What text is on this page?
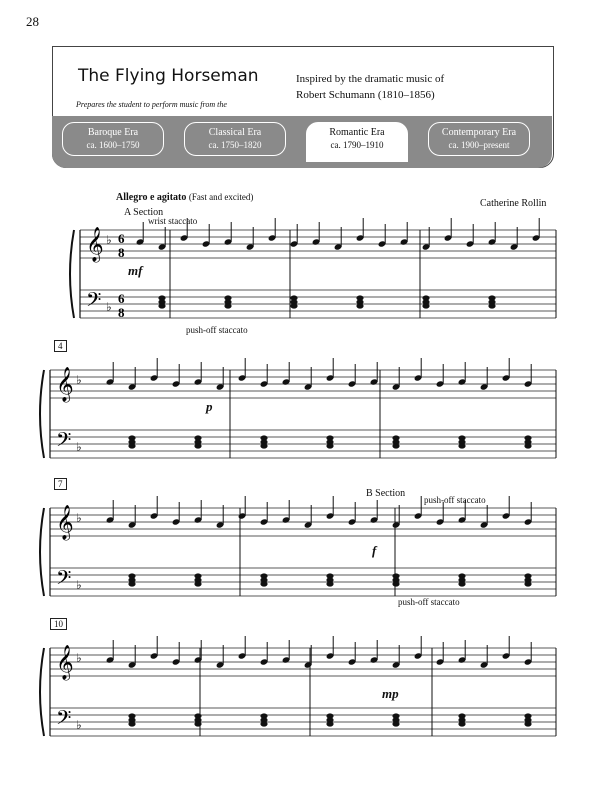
28
The Flying Horseman	Inspired by the dramatic music of
Robert Schumann (1810–1856)
Prepares the student to perform music from the
Baroque Era
ca. 1600–1750
Classical Era
ca. 1750–1820
Romantic Era
ca. 1790–1910
Contemporary Era
ca. 1900–present
Allegro e agitato (Fast and excited)
Catherine Rollin
A Section
wrist staccato
push-off staccato
push-off staccato
push-off staccato
B Section
mf
p
f
mp
4
7
10
𝄞
𝄢
♭
♭
𝄞
𝄢
♭
♭
𝄞
𝄢
♭
♭
𝄞
𝄢
♭
♭
6
8
6
8
